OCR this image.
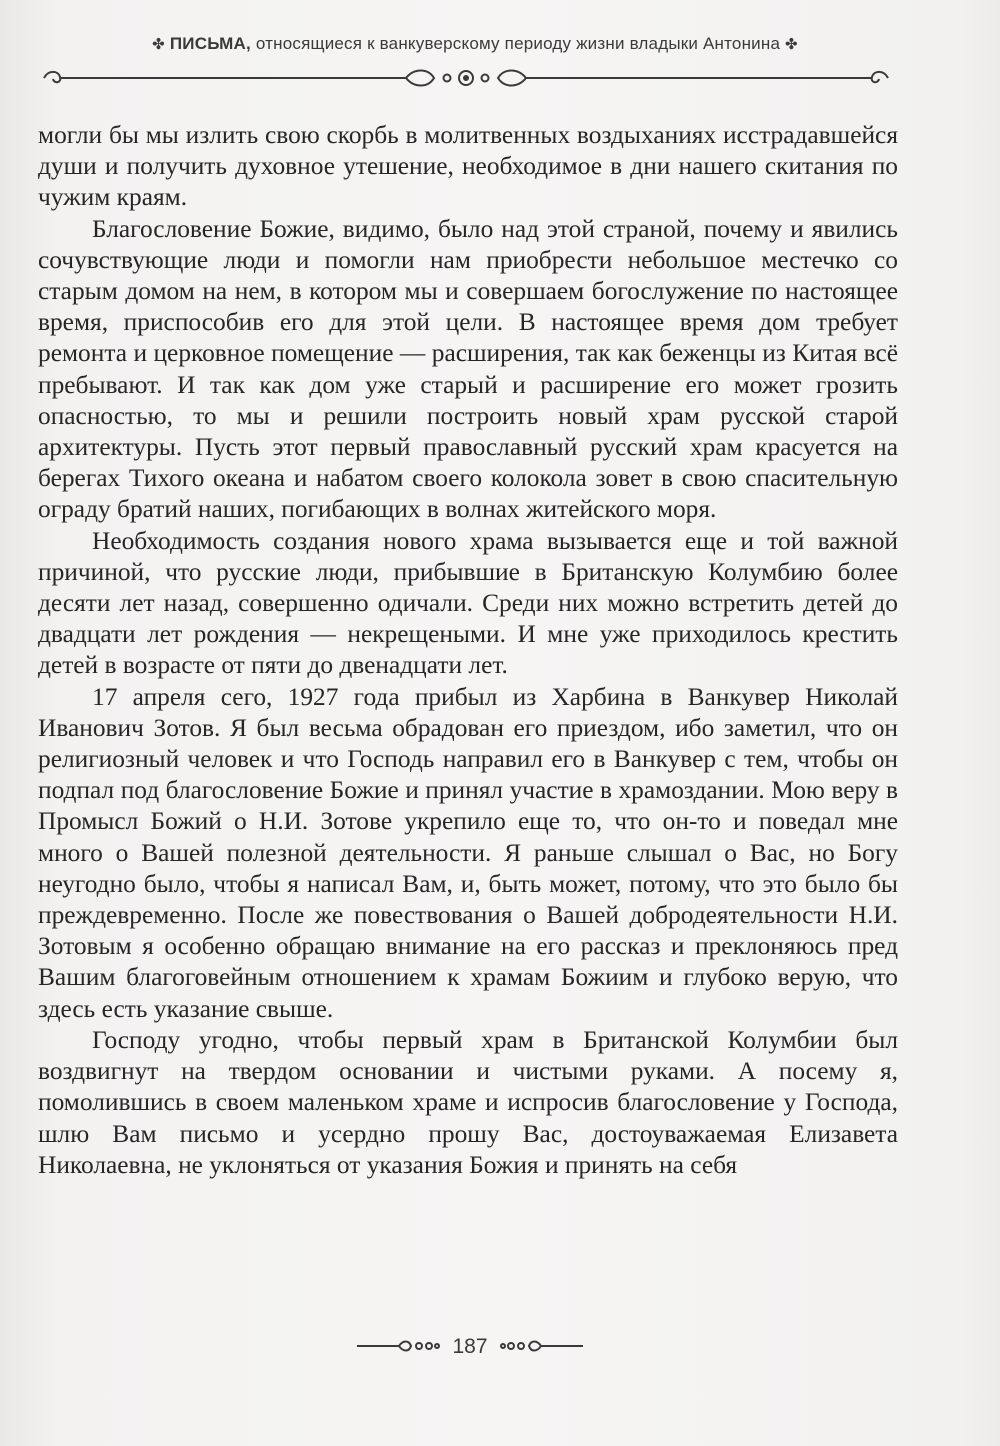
✤ ПИСЬМА, относящиеся к ванкуверскому периоду жизни владыки Антонина ✤

могли бы мы излить свою скорбь в молитвенных воздыханиях исстрадавшейся души и получить духовное утешение, необходимое в дни нашего скитания по чужим краям.

Благословение Божие, видимо, было над этой страной, почему и явились сочувствующие люди и помогли нам приобрести небольшое местечко со старым домом на нем, в котором мы и совершаем богослужение по настоящее время, приспособив его для этой цели. В настоящее время дом требует ремонта и церковное помещение — расширения, так как беженцы из Китая всё пребывают. И так как дом уже старый и расширение его может грозить опасностью, то мы и решили построить новый храм русской старой архитектуры. Пусть этот первый православный русский храм красуется на берегах Тихого океана и набатом своего колокола зовет в свою спасительную ограду братий наших, погибающих в волнах житейского моря.

Необходимость создания нового храма вызывается еще и той важной причиной, что русские люди, прибывшие в Британскую Колумбию более десяти лет назад, совершенно одичали. Среди них можно встретить детей до двадцати лет рождения — некрещеными. И мне уже приходилось крестить детей в возрасте от пяти до двенадцати лет.

17 апреля сего, 1927 года прибыл из Харбина в Ванкувер Николай Иванович Зотов. Я был весьма обрадован его приездом, ибо заметил, что он религиозный человек и что Господь направил его в Ванкувер с тем, чтобы он подпал под благословение Божие и принял участие в храмоздании. Мою веру в Промысл Божий о Н.И. Зотове укрепило еще то, что он-то и поведал мне много о Вашей полезной деятельности. Я раньше слышал о Вас, но Богу неугодно было, чтобы я написал Вам, и, быть может, потому, что это было бы преждевременно. После же повествования о Вашей добродеятельности Н.И. Зотовым я особенно обращаю внимание на его рассказ и преклоняюсь пред Вашим благоговейным отношением к храмам Божиим и глубоко верую, что здесь есть указание свыше.

Господу угодно, чтобы первый храм в Британской Колумбии был воздвигнут на твердом основании и чистыми руками. А посему я, помолившись в своем маленьком храме и испросив благословение у Господа, шлю Вам письмо и усердно прошу Вас, достоуважаемая Елизавета Николаевна, не уклоняться от указания Божия и принять на себя

187
